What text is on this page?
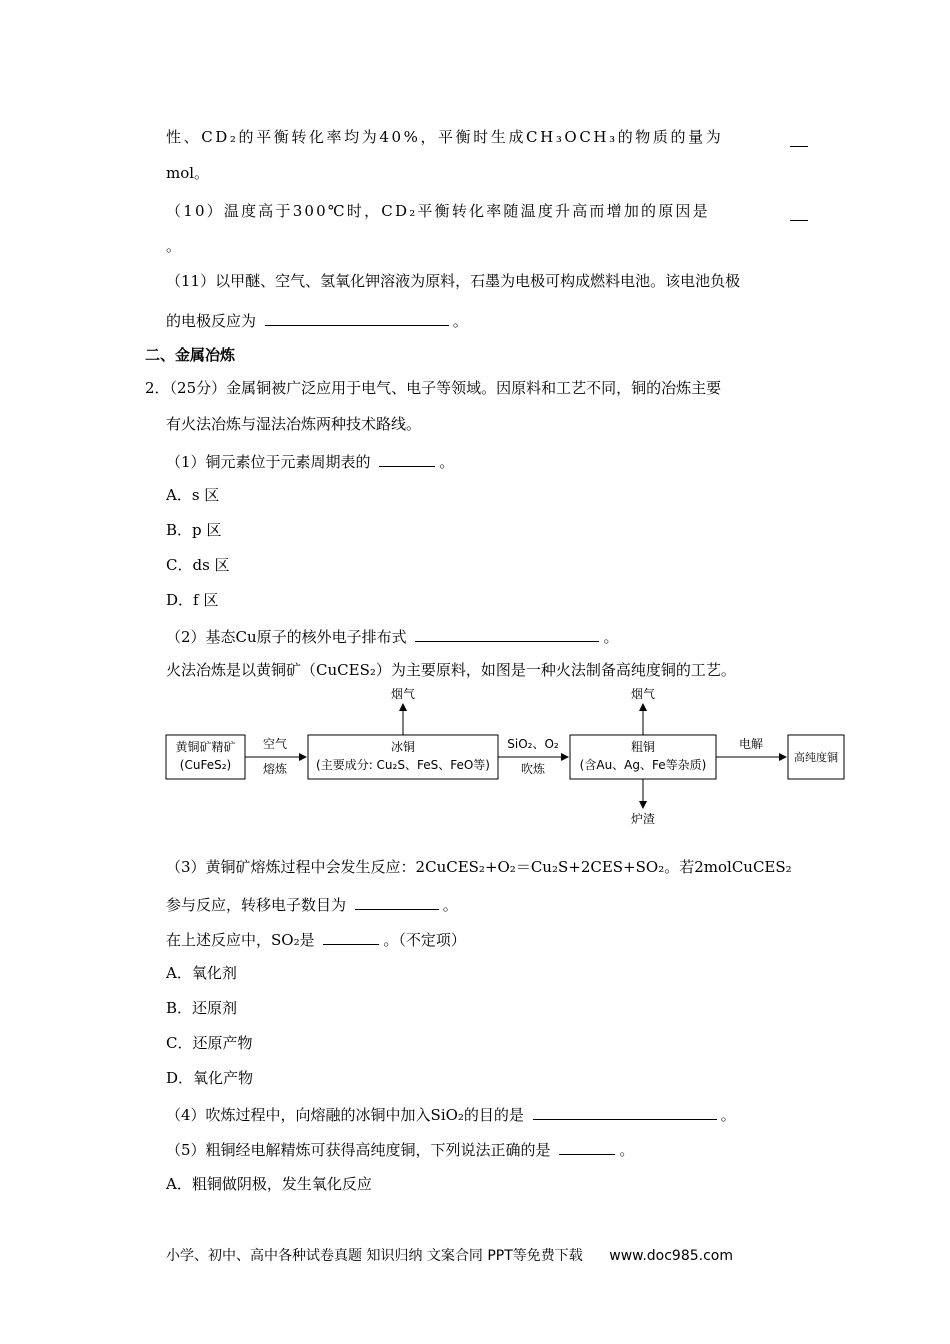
性、CD₂的平衡转化率均为40%，平衡时生成CH₃OCH₃的物质的量为
mol。
（10）温度高于300℃时，CD₂平衡转化率随温度升高而增加的原因是
。
（11）以甲醚、空气、氢氧化钾溶液为原料，石墨为电极可构成燃料电池。该电池负极
的电极反应为	。
二、金属冶炼
2．（25分）金属铜被广泛应用于电气、电子等领域。因原料和工艺不同，铜的冶炼主要
有火法冶炼与湿法冶炼两种技术路线。
（1）铜元素位于元素周期表的	。
A．s 区
B．p 区
C．ds 区
D．f 区
（2）基态Cu原子的核外电子排布式	。
火法冶炼是以黄铜矿（CuCES₂）为主要原料，如图是一种火法制备高纯度铜的工艺。
黄铜矿精矿
(CuFeS₂)
空气
熔炼
冰铜
(主要成分: Cu₂S、FeS、FeO等)
烟气
SiO₂、O₂
吹炼
粗铜
(含Au、Ag、Fe等杂质)
烟气
炉渣
电解
高纯度铜
（3）黄铜矿熔炼过程中会发生反应：2CuCES₂+O₂＝Cu₂S+2CES+SO₂。若2molCuCES₂
参与反应，转移电子数目为	。
在上述反应中，SO₂是	。（不定项）
A．氧化剂
B．还原剂
C．还原产物
D．氧化产物
（4）吹炼过程中，向熔融的冰铜中加入SiO₂的目的是	。
（5）粗铜经电解精炼可获得高纯度铜，下列说法正确的是	。
A．粗铜做阴极，发生氧化反应
小学、初中、高中各种试卷真题 知识归纳 文案合同 PPT等免费下载 www.doc985.com
